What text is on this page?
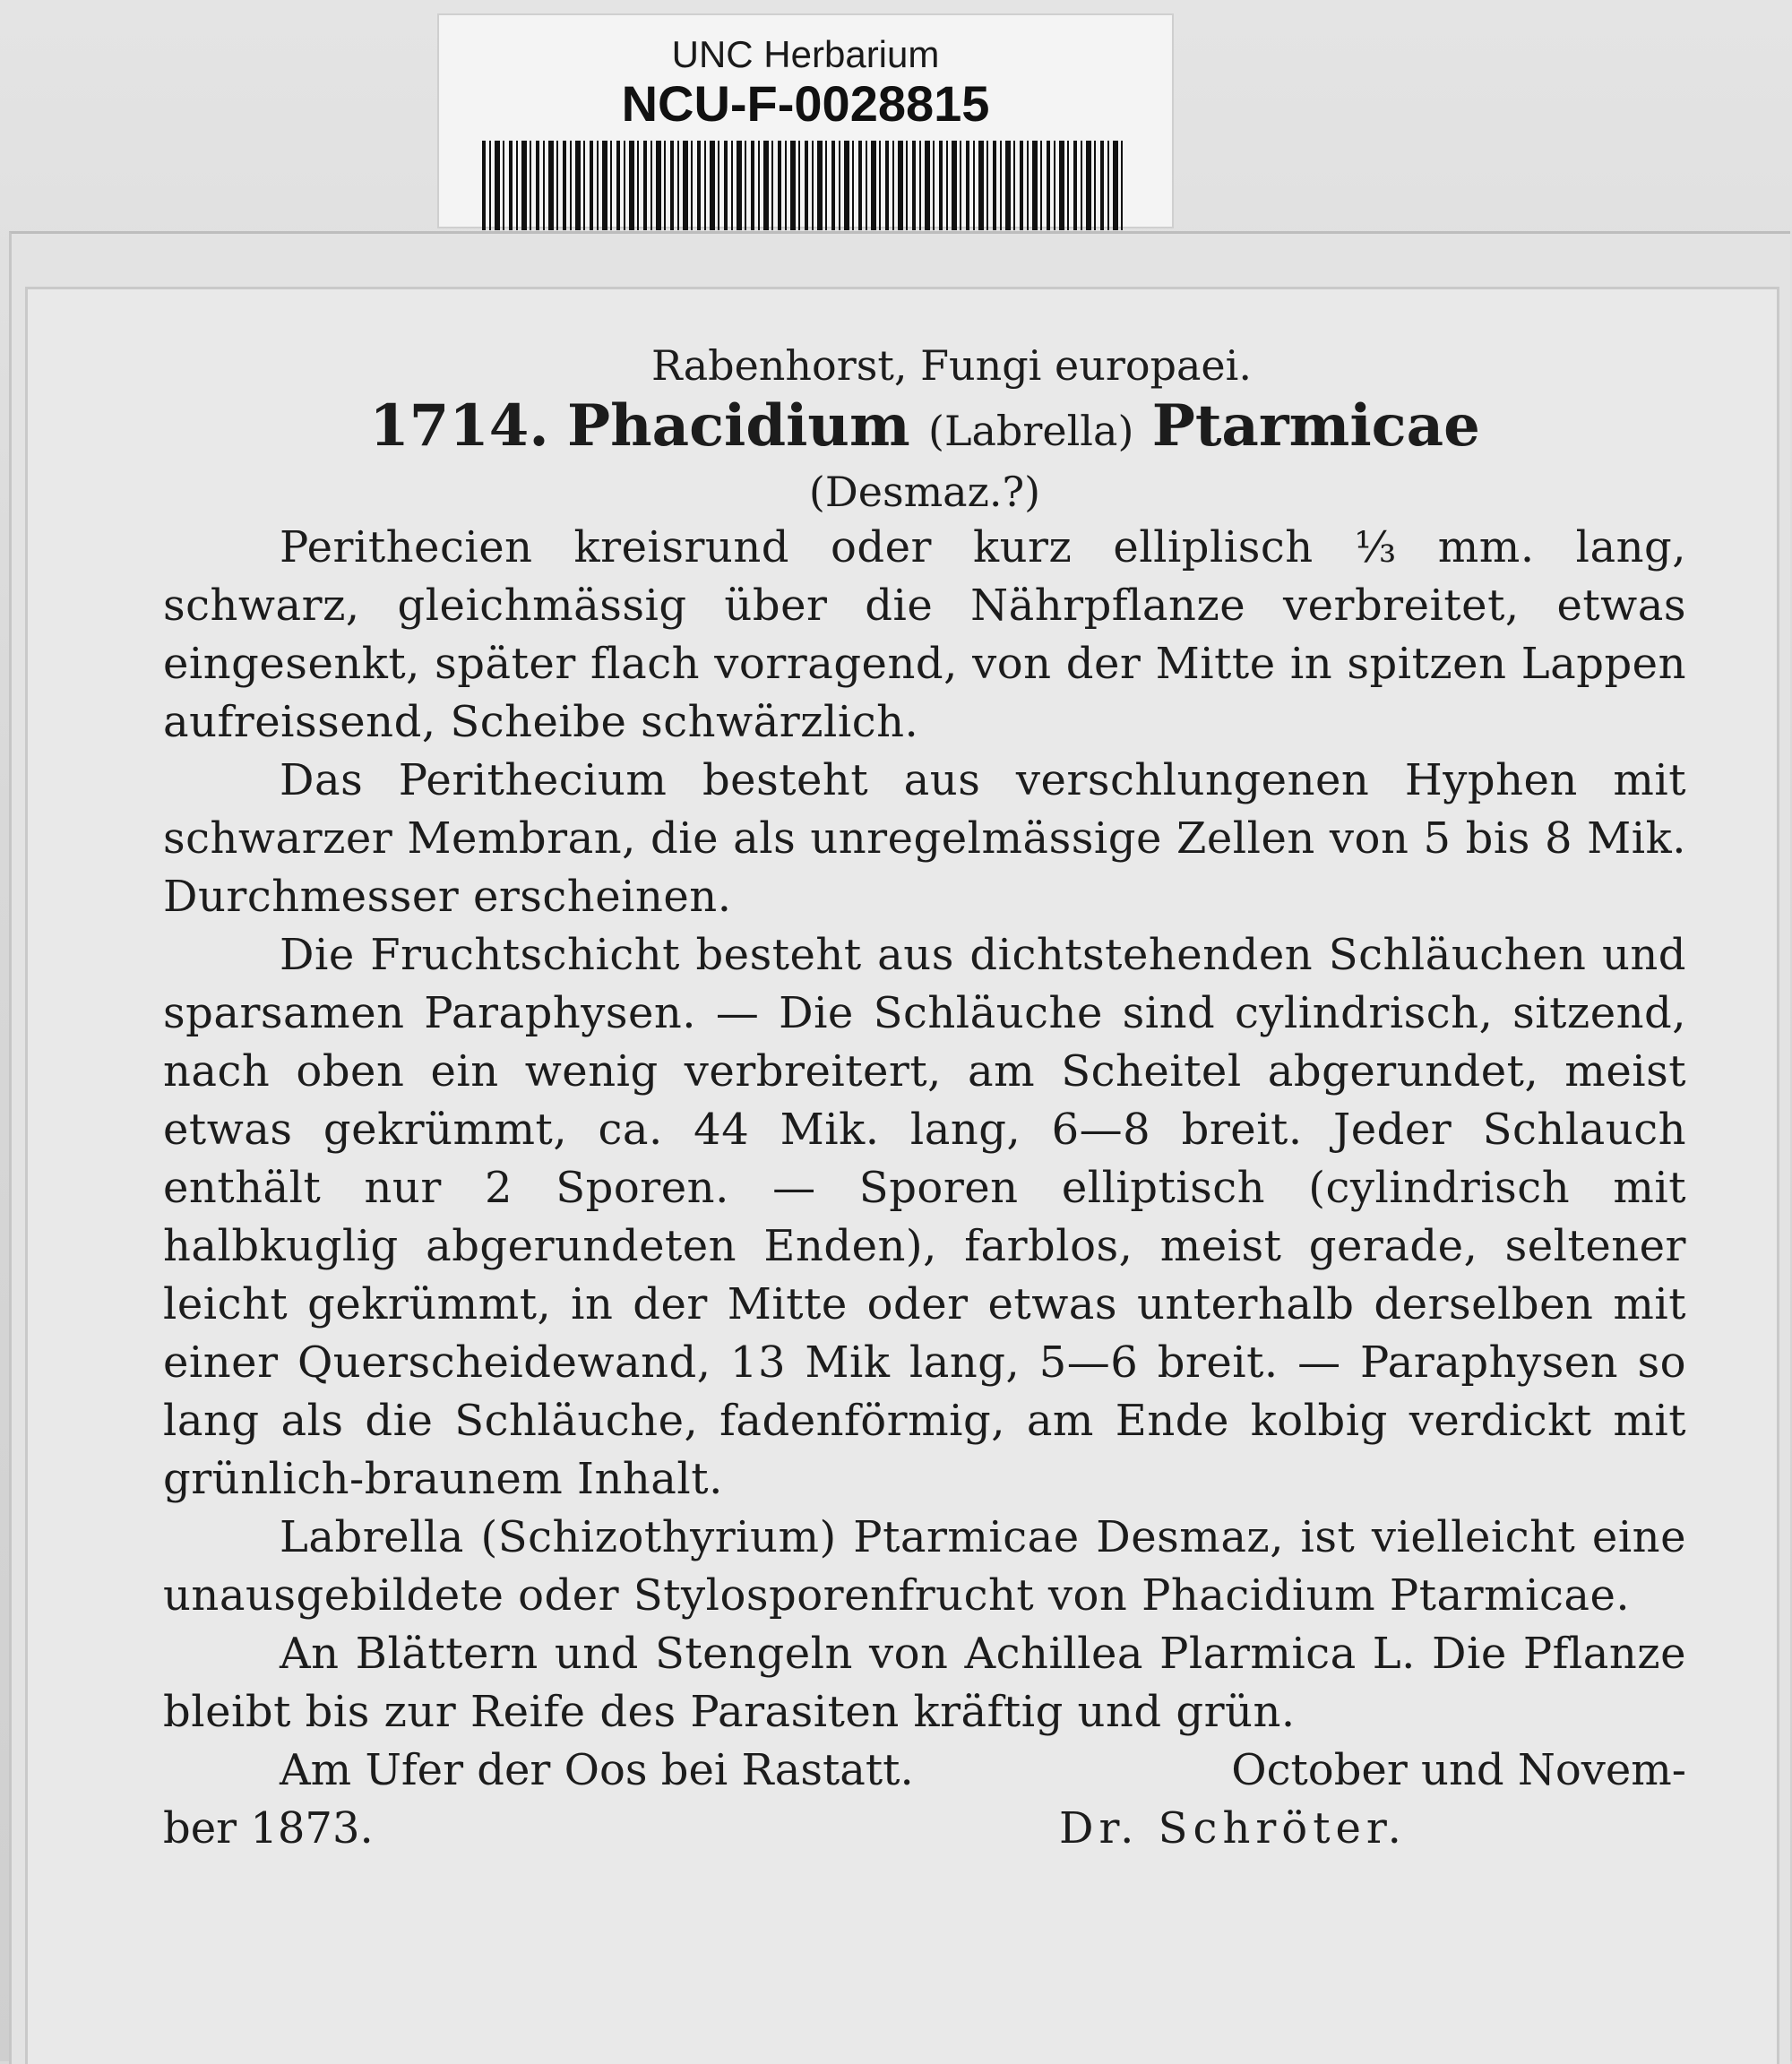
UNC Herbarium
NCU-F-0028815
Rabenhorst, Fungi europaei.
1714. Phacidium (Labrella) Ptarmicae
(Desmaz.?)

Perithecien kreisrund oder kurz elliplisch ⅓ mm. lang, schwarz, gleichmässig über die Nährpflanze verbreitet, etwas eingesenkt, später flach vorragend, von der Mitte in spitzen Lappen aufreissend, Scheibe schwärzlich.

Das Perithecium besteht aus verschlungenen Hyphen mit schwarzer Membran, die als unregelmässige Zellen von 5 bis 8 Mik. Durchmesser erscheinen.

Die Fruchtschicht besteht aus dichtstehenden Schläuchen und sparsamen Paraphysen. — Die Schläuche sind cylindrisch, sitzend, nach oben ein wenig verbreitert, am Scheitel abgerundet, meist etwas gekrümmt, ca. 44 Mik. lang, 6—8 breit. Jeder Schlauch enthält nur 2 Sporen. — Sporen elliptisch (cylindrisch mit halbkuglig abgerundeten Enden), farblos, meist gerade, seltener leicht gekrümmt, in der Mitte oder etwas unterhalb derselben mit einer Querscheidewand, 13 Mik lang, 5—6 breit. — Paraphysen so lang als die Schläuche, fadenförmig, am Ende kolbig verdickt mit grünlich-braunem Inhalt.

Labrella (Schizothyrium) Ptarmicae Desmaz, ist vielleicht eine unausgebildete oder Stylosporenfrucht von Phacidium Ptarmicae.

An Blättern und Stengeln von Achillea Plarmica L. Die Pflanze bleibt bis zur Reife des Parasiten kräftig und grün.

Am Ufer der Oos bei Rastatt.
ber 1873.
October und Novem-
Dr. Schröter.
